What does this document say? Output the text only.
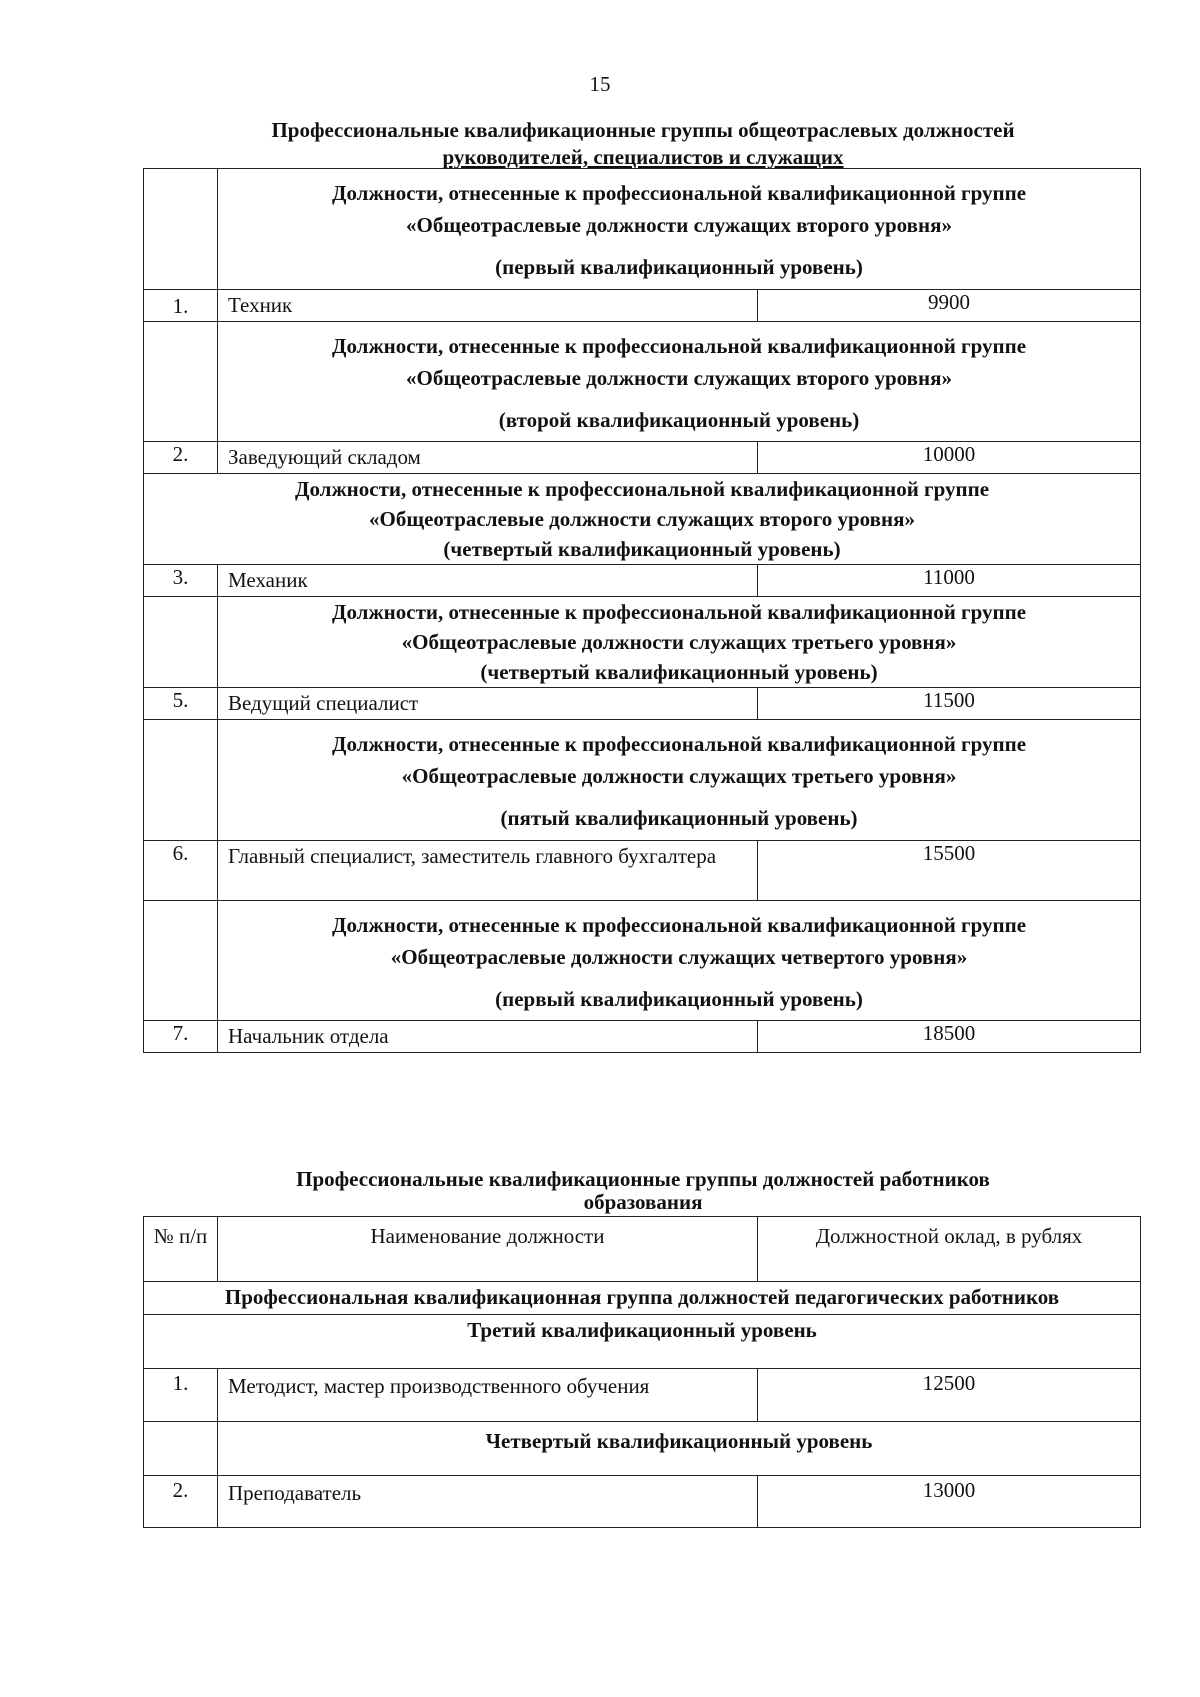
15
Профессиональные квалификационные группы общеотраслевых должностей
руководителей, специалистов и служащих

	Должности, отнесенные к профессиональной квалификационной группе
«Общеотраслевые должности служащих второго уровня»
(первый квалификационный уровень)	

1.	Техник	9900

	Должности, отнесенные к профессиональной квалификационной группе
«Общеотраслевые должности служащих второго уровня»
(второй квалификационный уровень)	

2.	Заведующий складом	10000

Должности, отнесенные к профессиональной квалификационной группе
«Общеотраслевые должности служащих второго уровня»
(четвертый квалификационный уровень)		

3.	Механик	11000

	Должности, отнесенные к профессиональной квалификационной группе
«Общеотраслевые должности служащих третьего уровня»
(четвертый квалификационный уровень)	

5.	Ведущий специалист	11500

	Должности, отнесенные к профессиональной квалификационной группе
«Общеотраслевые должности служащих третьего уровня»
(пятый квалификационный уровень)	

6.	Главный специалист, заместитель главного бухгалтера	15500

	Должности, отнесенные к профессиональной квалификационной группе
«Общеотраслевые должности служащих четвертого уровня»
(первый квалификационный уровень)	

7.	Начальник отдела	18500
Профессиональные квалификационные группы должностей работников
образования
№ п/п	Наименование должности	Должностной оклад, в рублях
Профессиональная квалификационная группа должностей педагогических работников		
Третий квалификационный уровень		
1.	Методист, мастер производственного обучения	12500
	Четвертый квалификационный уровень	
2.	Преподаватель	13000
